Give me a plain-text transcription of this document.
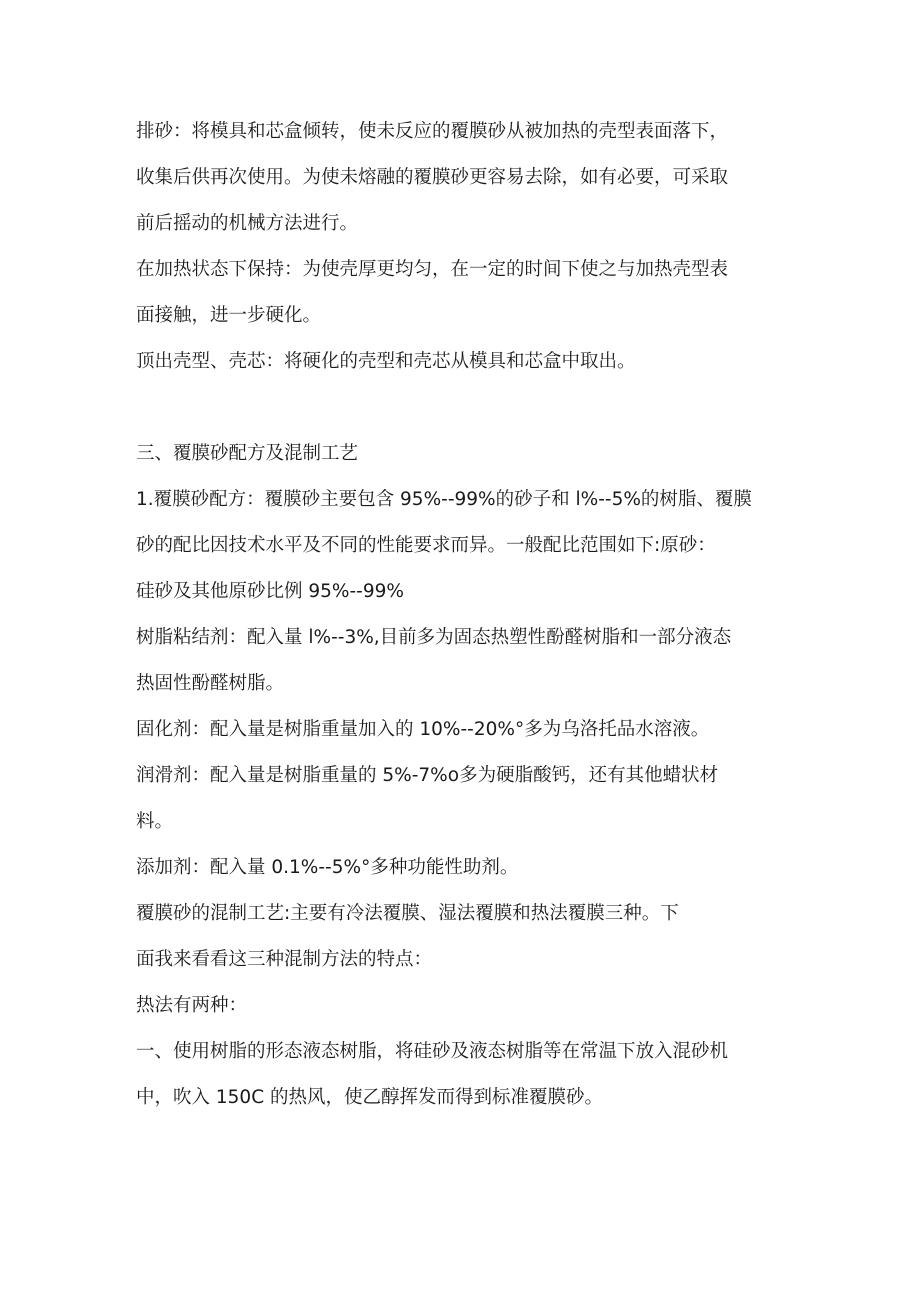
排砂：将模具和芯盒倾转，使未反应的覆膜砂从被加热的壳型表面落下，
收集后供再次使用。为使未熔融的覆膜砂更容易去除，如有必要，可采取
前后摇动的机械方法进行。
在加热状态下保持：为使壳厚更均匀，在一定的时间下使之与加热壳型表
面接触，进一步硬化。
顶出壳型、壳芯：将硬化的壳型和壳芯从模具和芯盒中取出。
三、覆膜砂配方及混制工艺
1.覆膜砂配方：覆膜砂主要包含 95%--99%的砂子和 l%--5%的树脂、覆膜
砂的配比因技术水平及不同的性能要求而异。一般配比范围如下:原砂：
硅砂及其他原砂比例 95%--99%
树脂粘结剂：配入量 l%--3%,目前多为固态热塑性酚醛树脂和一部分液态
热固性酚醛树脂。
固化剂：配入量是树脂重量加入的 10%--20%°多为乌洛托品水溶液。
润滑剂：配入量是树脂重量的 5%-7%o多为硬脂酸钙，还有其他蜡状材
料。
添加剂：配入量 0.1%--5%°多种功能性助剂。
覆膜砂的混制工艺:主要有冷法覆膜、湿法覆膜和热法覆膜三种。下
面我来看看这三种混制方法的特点：
热法有两种：
一、使用树脂的形态液态树脂，将硅砂及液态树脂等在常温下放入混砂机
中，吹入 150C 的热风，使乙醇挥发而得到标准覆膜砂。
